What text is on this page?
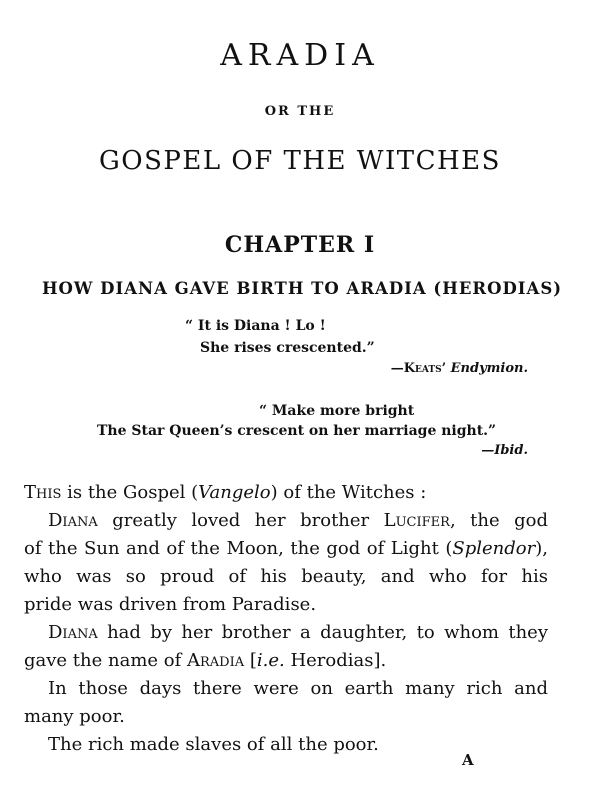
ARADIA
OR THE
GOSPEL OF THE WITCHES
CHAPTER I
HOW DIANA GAVE BIRTH TO ARADIA (HERODIAS)
“ It is Diana ! Lo !
She rises crescented.”
—Keats’ Endymion.
“ Make more bright
The Star Queen’s crescent on her marriage night.”
—Ibid.
This is the Gospel (Vangelo) of the Witches :
Diana greatly loved her brother Lucifer, the god
of the Sun and of the Moon, the god of Light (Splendor),
who was so proud of his beauty, and who for his
pride was driven from Paradise.
Diana had by her brother a daughter, to whom they
gave the name of Aradia [i.e. Herodias].
In those days there were on earth many rich and
many poor.
The rich made slaves of all the poor.
A
